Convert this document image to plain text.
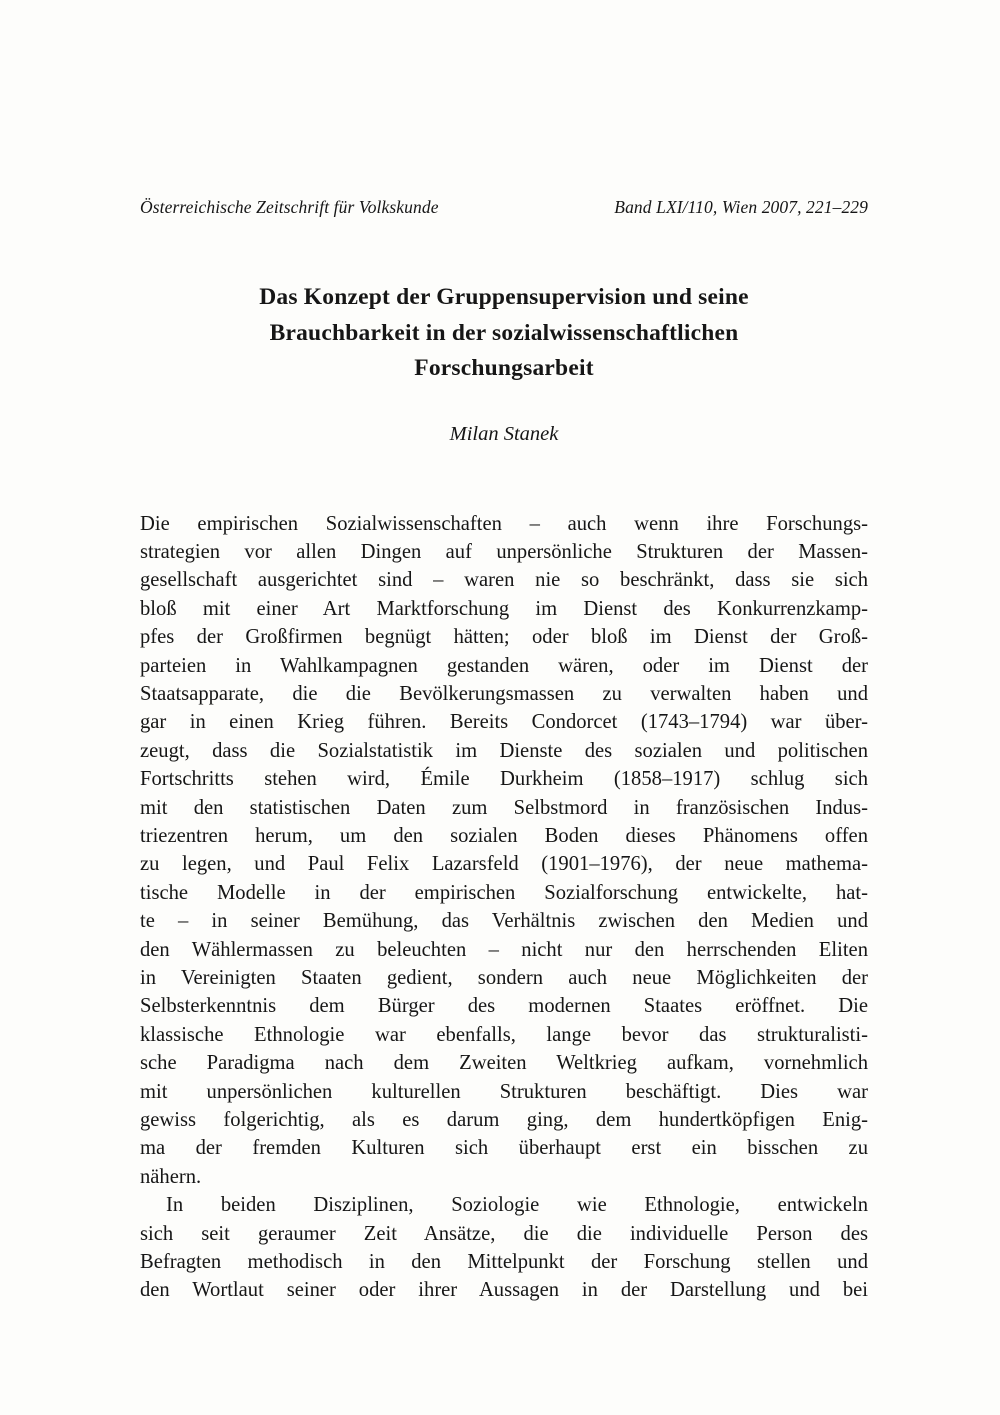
Österreichische Zeitschrift für Volkskunde	Band LXI/110, Wien 2007, 221–229
Das Konzept der Gruppensupervision und seine
Brauchbarkeit in der sozialwissenschaftlichen
Forschungsarbeit
Milan Stanek
Die empirischen Sozialwissenschaften – auch wenn ihre Forschungs-
strategien vor allen Dingen auf unpersönliche Strukturen der Massen-
gesellschaft ausgerichtet sind – waren nie so beschränkt, dass sie sich
bloß mit einer Art Marktforschung im Dienst des Konkurrenzkamp-
pfes der Großfirmen begnügt hätten; oder bloß im Dienst der Groß-
parteien in Wahlkampagnen gestanden wären, oder im Dienst der
Staatsapparate, die die Bevölkerungsmassen zu verwalten haben und
gar in einen Krieg führen. Bereits Condorcet (1743–1794) war über-
zeugt, dass die Sozialstatistik im Dienste des sozialen und politischen
Fortschritts stehen wird, Émile Durkheim (1858–1917) schlug sich
mit den statistischen Daten zum Selbstmord in französischen Indus-
triezentren herum, um den sozialen Boden dieses Phänomens offen
zu legen, und Paul Felix Lazarsfeld (1901–1976), der neue mathema-
tische Modelle in der empirischen Sozialforschung entwickelte, hat-
te – in seiner Bemühung, das Verhältnis zwischen den Medien und
den Wählermassen zu beleuchten – nicht nur den herrschenden Eliten
in Vereinigten Staaten gedient, sondern auch neue Möglichkeiten der
Selbsterkenntnis dem Bürger des modernen Staates eröffnet. Die
klassische Ethnologie war ebenfalls, lange bevor das strukturalisti-
sche Paradigma nach dem Zweiten Weltkrieg aufkam, vornehmlich
mit unpersönlichen kulturellen Strukturen beschäftigt. Dies war
gewiss folgerichtig, als es darum ging, dem hundertköpfigen Enig-
ma der fremden Kulturen sich überhaupt erst ein bisschen zu
nähern.
In beiden Disziplinen, Soziologie wie Ethnologie, entwickeln
sich seit geraumer Zeit Ansätze, die die individuelle Person des
Befragten methodisch in den Mittelpunkt der Forschung stellen und
den Wortlaut seiner oder ihrer Aussagen in der Darstellung und bei
